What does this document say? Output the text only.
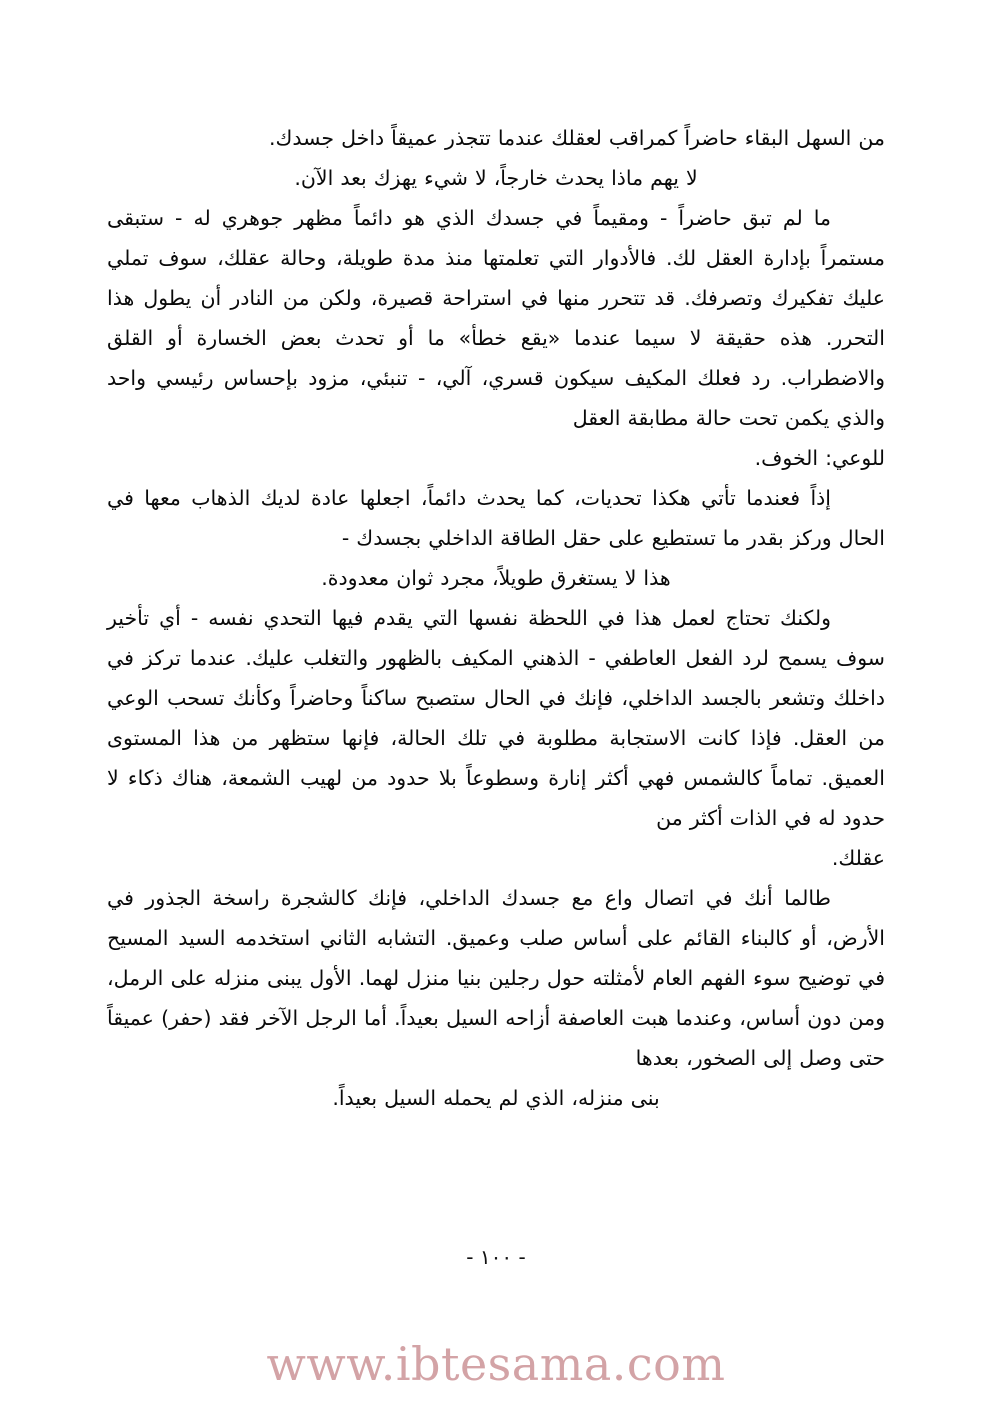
من السهل البقاء حاضراً كمراقب لعقلك عندما تتجذر عميقاً داخل جسدك.
لا يهم ماذا يحدث خارجاً، لا شيء يهزك بعد الآن.

ما لم تبق حاضراً - ومقيماً في جسدك الذي هو دائماً مظهر جوهري له - ستبقى مستمراً بإدارة العقل لك. فالأدوار التي تعلمتها منذ مدة طويلة، وحالة عقلك، سوف تملي عليك تفكيرك وتصرفك. قد تتحرر منها في استراحة قصيرة، ولكن من النادر أن يطول هذا التحرر. هذه حقيقة لا سيما عندما «يقع خطأ» ما أو تحدث بعض الخسارة أو القلق والاضطراب. رد فعلك المكيف سيكون قسري، آلي، - تنبئي، مزود بإحساس رئيسي واحد والذي يكمن تحت حالة مطابقة العقل
للوعي: الخوف.

إذاً فعندما تأتي هكذا تحديات، كما يحدث دائماً، اجعلها عادة لديك الذهاب معها في الحال وركز بقدر ما تستطيع على حقل الطاقة الداخلي بجسدك -
هذا لا يستغرق طويلاً، مجرد ثوان معدودة.

ولكنك تحتاج لعمل هذا في اللحظة نفسها التي يقدم فيها التحدي نفسه - أي تأخير سوف يسمح لرد الفعل العاطفي - الذهني المكيف بالظهور والتغلب عليك. عندما تركز في داخلك وتشعر بالجسد الداخلي، فإنك في الحال ستصبح ساكناً وحاضراً وكأنك تسحب الوعي من العقل. فإذا كانت الاستجابة مطلوبة في تلك الحالة، فإنها ستظهر من هذا المستوى العميق. تماماً كالشمس فهي أكثر إنارة وسطوعاً بلا حدود من لهيب الشمعة، هناك ذكاء لا حدود له في الذات أكثر من
عقلك.

طالما أنك في اتصال واع مع جسدك الداخلي، فإنك كالشجرة راسخة الجذور في الأرض، أو كالبناء القائم على أساس صلب وعميق. التشابه الثاني استخدمه السيد المسيح في توضيح سوء الفهم العام لأمثلته حول رجلين بنيا منزل لهما. الأول يبنى منزله على الرمل، ومن دون أساس، وعندما هبت العاصفة أزاحه السيل بعيداً. أما الرجل الآخر فقد (حفر) عميقاً حتى وصل إلى الصخور، بعدها
بنى منزله، الذي لم يحمله السيل بعيداً.

- ١٠٠ -
www.ibtesama.com
